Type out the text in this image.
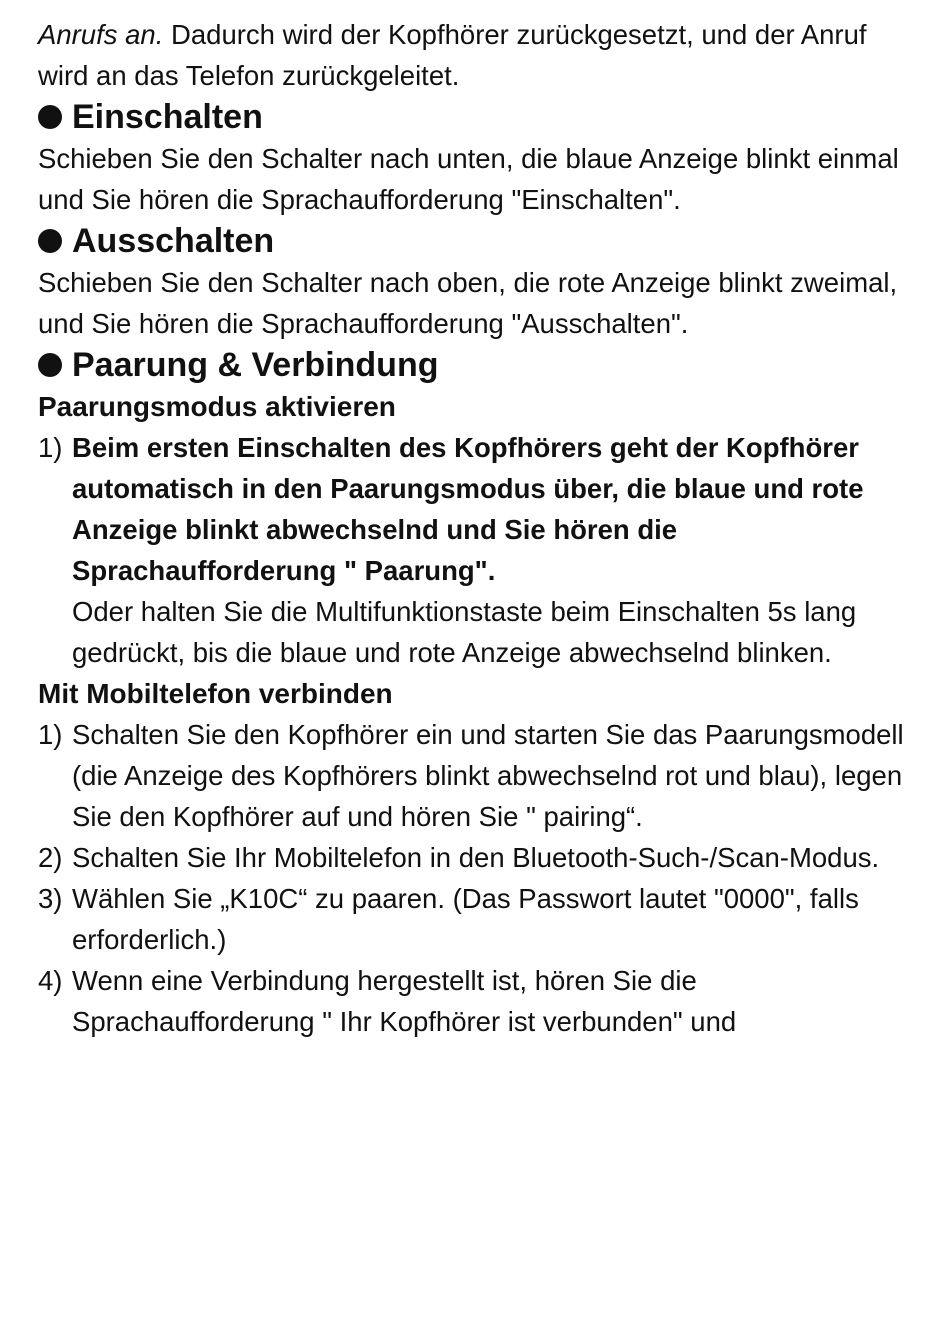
Anrufs an. Dadurch wird der Kopfhörer zurückgesetzt, und der Anruf wird an das Telefon zurückgeleitet.

Einschalten

Schieben Sie den Schalter nach unten, die blaue Anzeige blinkt einmal und Sie hören die Sprachaufforderung "Einschalten".

Ausschalten

Schieben Sie den Schalter nach oben, die rote Anzeige blinkt zweimal, und Sie hören die Sprachaufforderung "Ausschalten".

Paarung & Verbindung

Paarungsmodus aktivieren

1) Beim ersten Einschalten des Kopfhörers geht der Kopfhörer automatisch in den Paarungsmodus über, die blaue und rote Anzeige blinkt abwechselnd und Sie hören die Sprachaufforderung " Paarung".
Oder halten Sie die Multifunktionstaste beim Einschalten 5s lang gedrückt, bis die blaue und rote Anzeige abwechselnd blinken.

Mit Mobiltelefon verbinden

1) Schalten Sie den Kopfhörer ein und starten Sie das Paarungsmodell (die Anzeige des Kopfhörers blinkt abwechselnd rot und blau), legen Sie den Kopfhörer auf und hören Sie " pairing“.
2) Schalten Sie Ihr Mobiltelefon in den Bluetooth-Such-/Scan-Modus.
3) Wählen Sie „K10C“ zu paaren. (Das Passwort lautet "0000", falls erforderlich.)
4) Wenn eine Verbindung hergestellt ist, hören Sie die Sprachaufforderung " Ihr Kopfhörer ist verbunden" und
